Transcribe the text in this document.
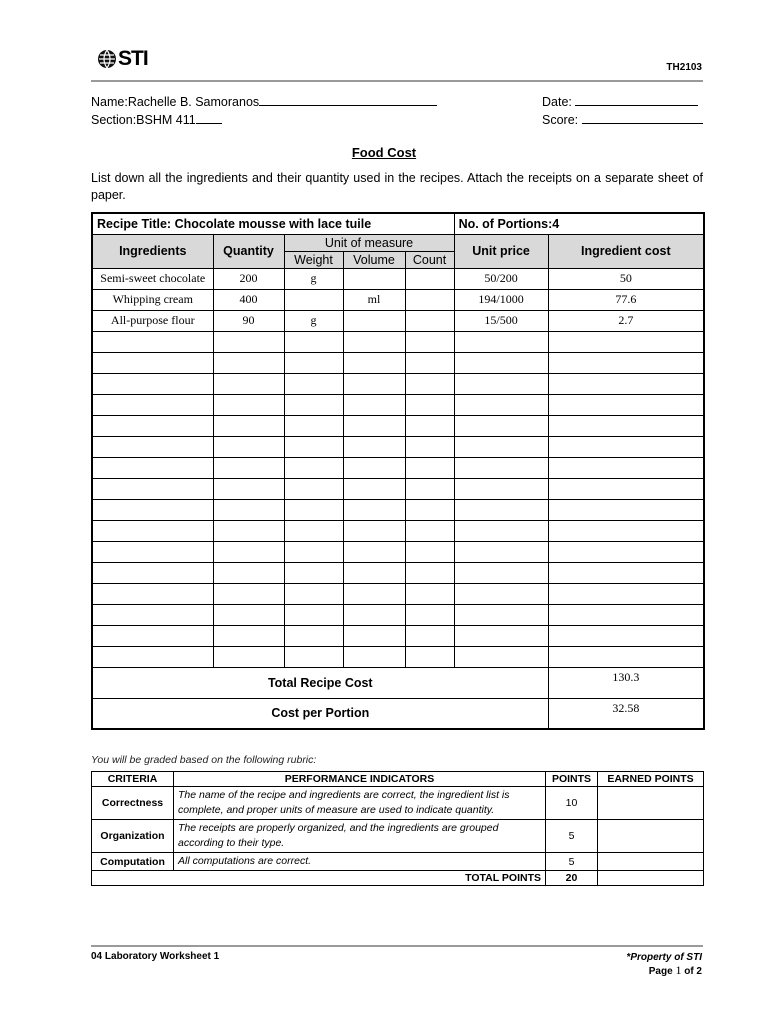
STI	TH2103
Name:Rachelle B. Samoranos
Section:BSHM 411
Date:
Score:
Food Cost
List down all the ingredients and their quantity used in the recipes. Attach the receipts on a separate sheet of paper.
Recipe Title: Chocolate mousse with lace tuile					No. of Portions:4	
Ingredients	Quantity	Unit of measure			Unit price	Ingredient cost
		Weight	Volume	Count		
Semi-sweet chocolate	200	g			50/200	50
Whipping cream	400		ml		194/1000	77.6
All-purpose flour	90	g			15/500	2.7

Total Recipe Cost						130.3
Cost per Portion						32.58
You will be graded based on the following rubric:
CRITERIA	PERFORMANCE INDICATORS	POINTS	EARNED POINTS
Correctness	The name of the recipe and ingredients are correct, the ingredient list is complete, and proper units of measure are used to indicate quantity.	10	
Organization	The receipts are properly organized, and the ingredients are grouped according to their type.	5	
Computation	All computations are correct.	5	
TOTAL POINTS		20	
04 Laboratory Worksheet 1	*Property of STI
Page 1 of 2
